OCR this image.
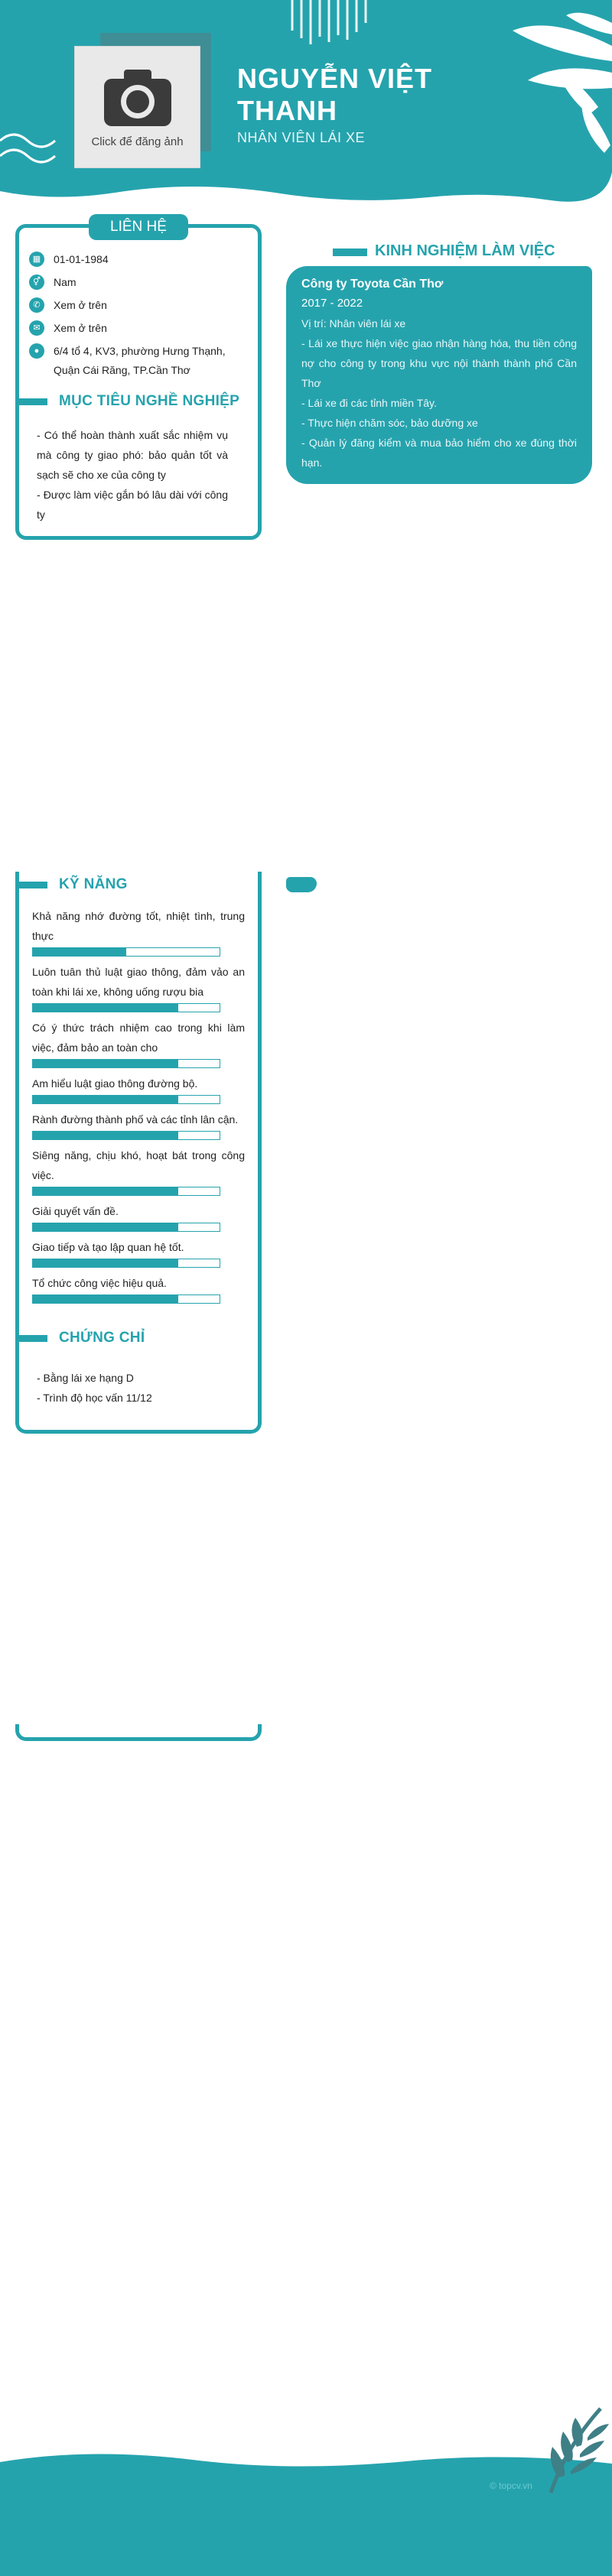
Click để đăng ảnh
NGUYỄN VIỆT THANH
NHÂN VIÊN LÁI XE
LIÊN HỆ
▦	01-01-1984
⚥	Nam
✆	Xem ở trên
✉	Xem ở trên
●	6/4 tổ 4, KV3, phường Hưng Thạnh, Quận Cái Răng, TP.Cần Thơ
MỤC TIÊU NGHỀ NGHIỆP
- Có thể hoàn thành xuất sắc nhiệm vụ mà công ty giao phó: bảo quản tốt và sạch sẽ cho xe của công ty
- Được làm việc gắn bó lâu dài với công ty
KINH NGHIỆM LÀM VIỆC
Công ty Toyota Cần Thơ
2017 - 2022
Vị trí: Nhân viên lái xe
- Lái xe thực hiện việc giao nhận hàng hóa, thu tiền công nợ cho công ty trong khu vực nội thành thành phố Cần Thơ
- Lái xe đi các tỉnh miền Tây.
- Thực hiện chăm sóc, bảo dưỡng xe
- Quản lý đăng kiểm và mua bảo hiểm cho xe đúng thời hạn.
KỸ NĂNG
Khả năng nhớ đường tốt, nhiệt tình, trung thực
Luôn tuân thủ luật giao thông, đảm vảo an toàn khi lái xe, không uống rượu bia
Có ý thức trách nhiệm cao trong khi làm việc, đảm bảo an toàn cho
Am hiểu luật giao thông đường bộ.
Rành đường thành phố và các tỉnh lân cận.
Siêng năng, chịu khó, hoạt bát trong công việc.
Giải quyết vấn đề.
Giao tiếp và tạo lập quan hệ tốt.
Tổ chức công việc hiệu quả.
CHỨNG CHỈ
- Bằng lái xe hạng D
- Trình độ học vấn 11/12
© topcv.vn
